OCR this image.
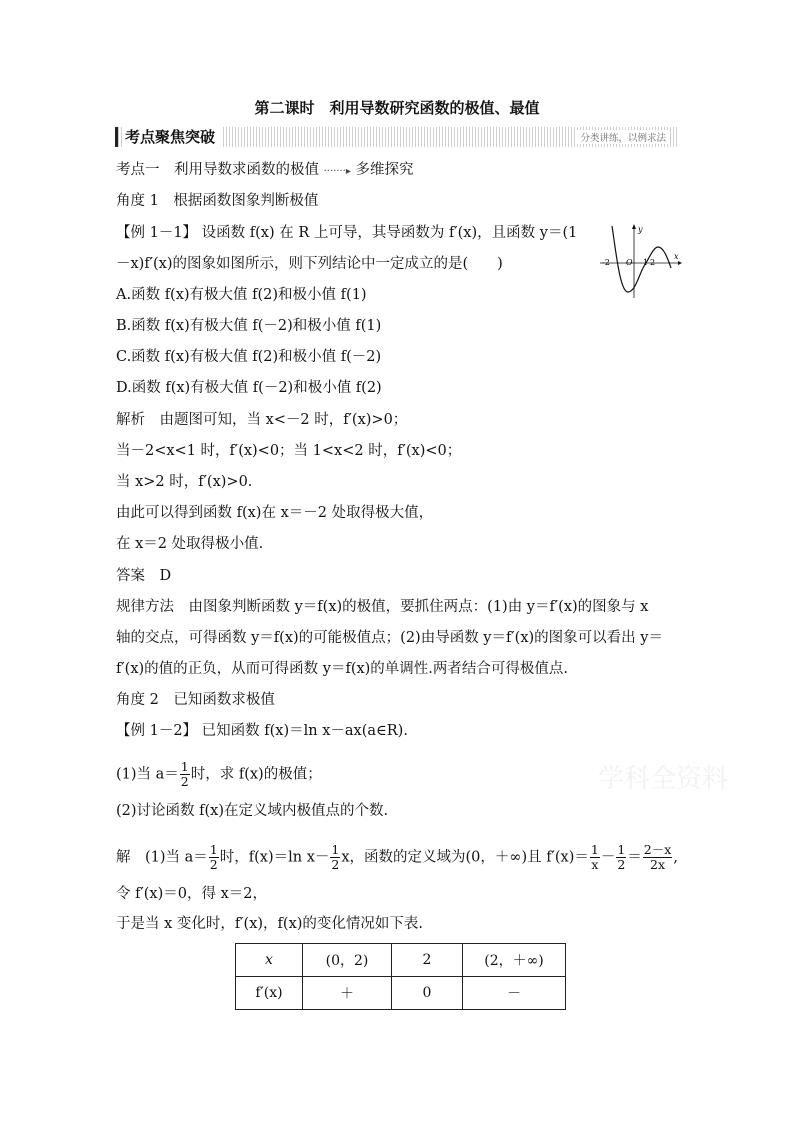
第二课时　利用导数研究函数的极值、最值
考点聚焦突破	分类讲练，以例求法
考点一　利用导数求函数的极值 ·······▸ 多维探究
角度 1　根据函数图象判断极值
【例 1－1】 设函数 f(x) 在 R 上可导，其导函数为 f′(x)，且函数 y＝(1
－x)f′(x)的图象如图所示，则下列结论中一定成立的是(　　)
y
x
-2 O 1 2
A.函数 f(x)有极大值 f(2)和极小值 f(1)
B.函数 f(x)有极大值 f(－2)和极小值 f(1)
C.函数 f(x)有极大值 f(2)和极小值 f(－2)
D.函数 f(x)有极大值 f(－2)和极小值 f(2)
解析　由题图可知，当 x<－2 时，f′(x)>0；
当－2<x<1 时，f′(x)<0；当 1<x<2 时，f′(x)<0；
当 x>2 时，f′(x)>0.
由此可以得到函数 f(x)在 x＝－2 处取得极大值，
在 x＝2 处取得极小值.
答案　D
规律方法　由图象判断函数 y＝f(x)的极值，要抓住两点：(1)由 y＝f′(x)的图象与 x
轴的交点，可得函数 y＝f(x)的可能极值点；(2)由导函数 y＝f′(x)的图象可以看出 y＝
f′(x)的值的正负，从而可得函数 y＝f(x)的单调性.两者结合可得极值点.
角度 2　已知函数求极值
【例 1－2】 已知函数 f(x)＝ln x－ax(a∈R).
(1)当 $a= \frac{1}{2}$ 时，求 f(x)的极值；
(2)讨论函数 f(x)在定义域内极值点的个数.
解　(1)当 $a= \frac{1}{2}$ 时，f(x)＝ln $x- \frac{1}{2}$ x，函数的定义域为(0，＋∞)且 $f'(x)= \frac{1}{x} - \frac{1}{2} = \frac{2-x}{2x}$ ,
令 f′(x)＝0，得 x＝2，
于是当 x 变化时，f′(x)，f(x)的变化情况如下表.
x	(0，2)	2	(2，＋∞)
f′(x)	＋	0	－
学科全资料
